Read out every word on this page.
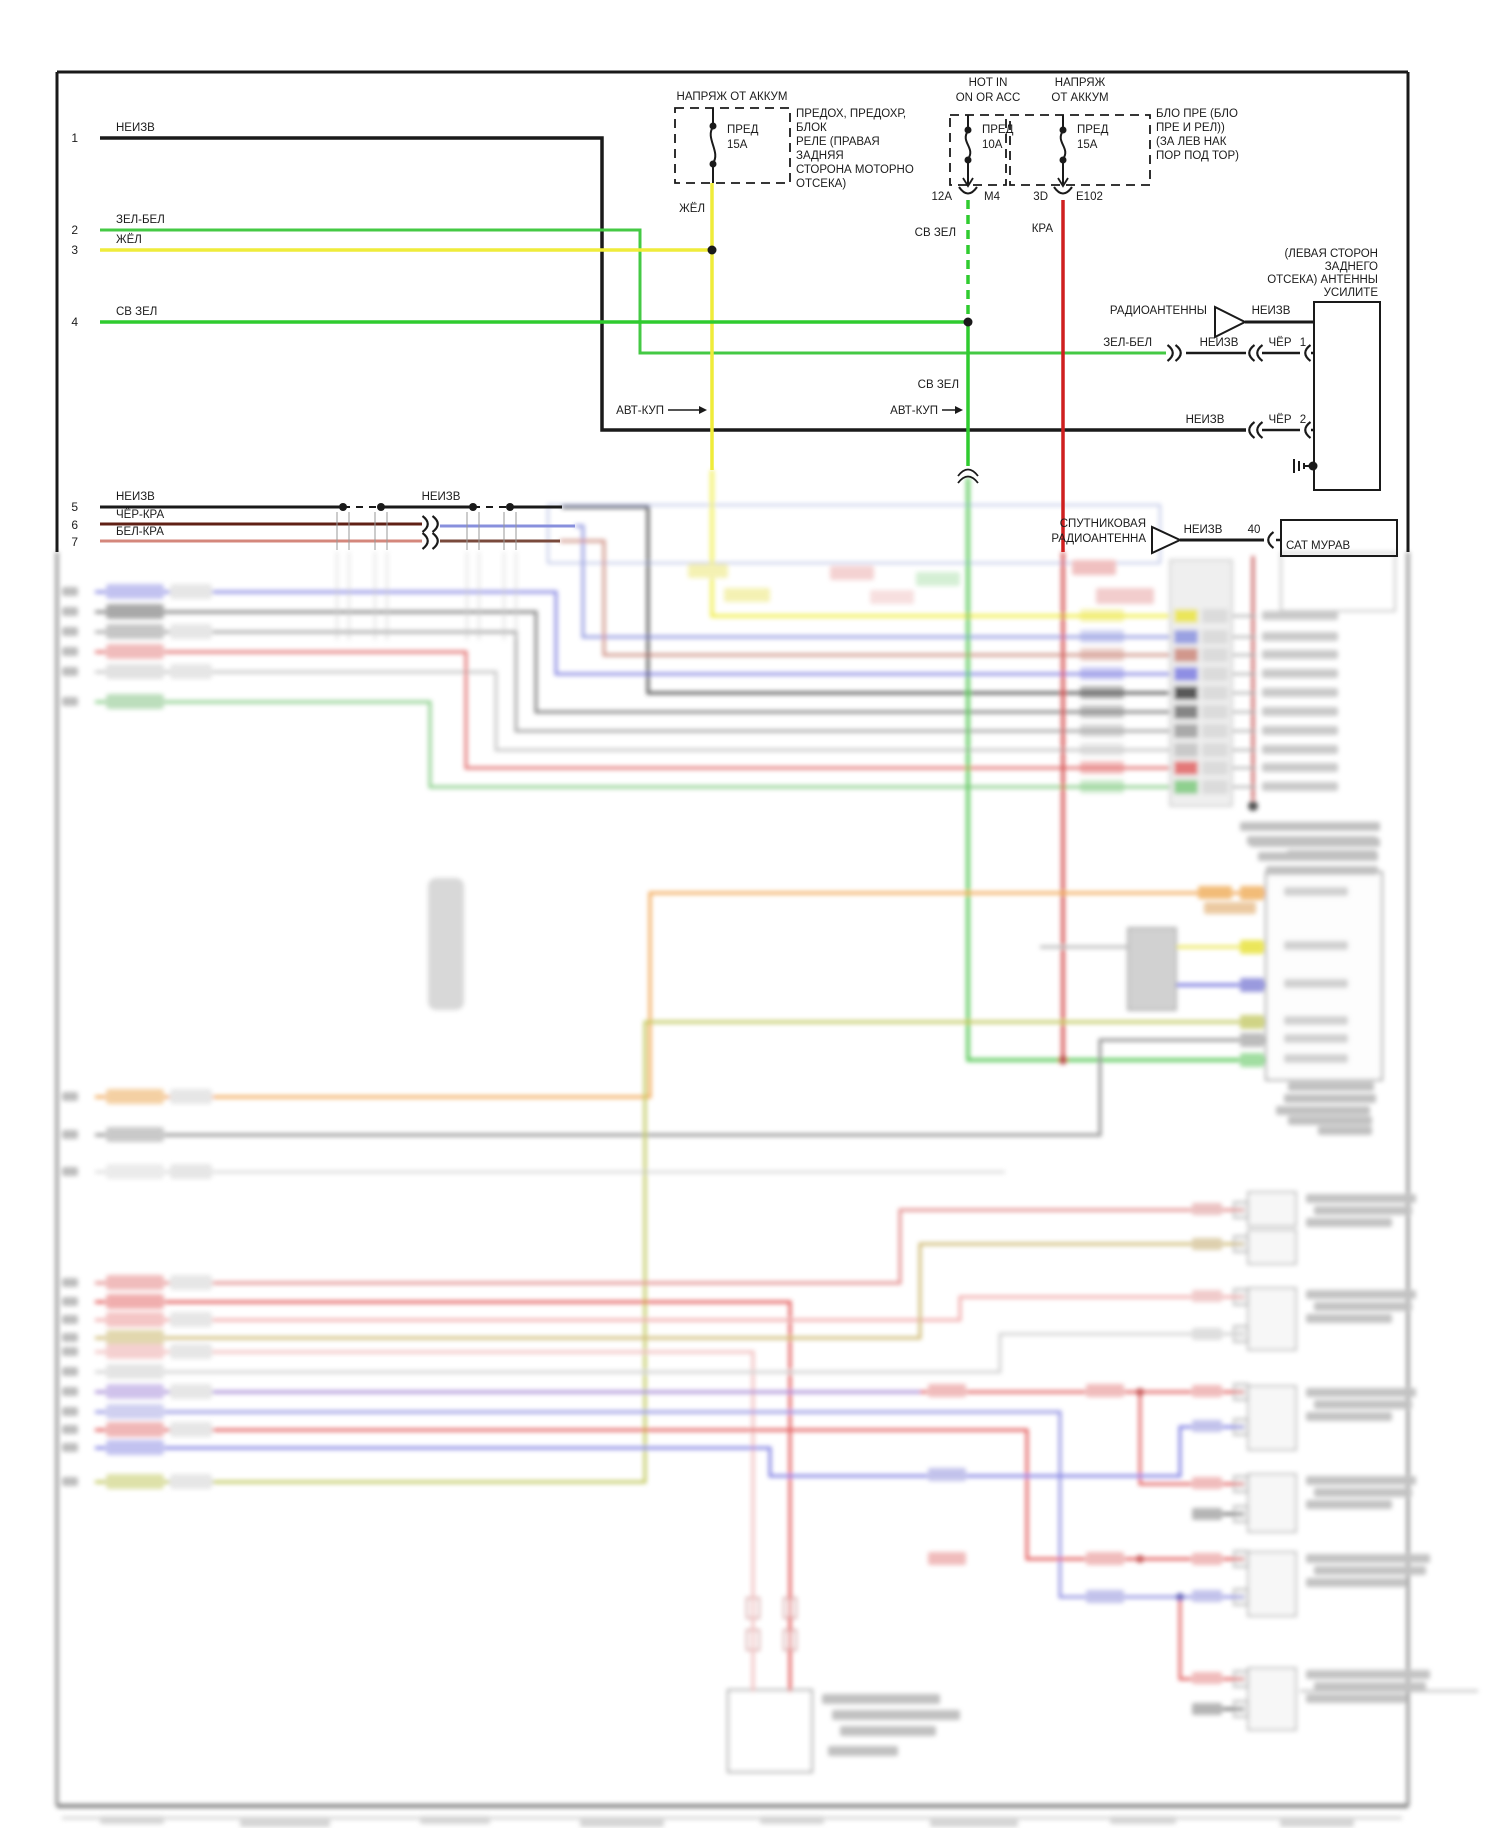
1
НЕИЗВ
2
ЗЕЛ-БЕЛ
3
ЖЁЛ
4
СВ ЗЕЛ
5
НЕИЗВ	НЕИЗВ
6
ЧЁР-КРА
7
БЕЛ-КРА
НАПРЯЖ ОТ АККУМ
ПРЕД
15А
ПРЕДОХ, ПРЕДОХР,
БЛОК
РЕЛЕ (ПРАВАЯ
ЗАДНЯЯ
СТОРОНА МОТОРНО
ОТСЕКА)
ЖЁЛ
HOT IN
ON OR ACC
ПРЕД
10А
12A	M4
СВ ЗЕЛ
НАПРЯЖ
ОТ АККУМ
ПРЕД
15А
3D E102
КРА
БЛО ПРЕ (БЛО
ПРЕ И РЕЛ))
(ЗА ЛЕВ НАК
ПОР ПОД ТОР)
(ЛЕВАЯ СТОРОН
ЗАДНЕГО
ОТСЕКА) АНТЕННЫ
УСИЛИТЕ
РАДИОАНТЕННЫ	НЕИЗВ
ЗЕЛ-БЕЛ	НЕИЗВ	ЧЁР 1
НЕИЗВ	ЧЁР 2
АВТ-КУП
СВ ЗЕЛ
АВТ-КУП
СПУТНИКОВАЯ
РАДИОАНТЕННА
НЕИЗВ 40
САТ МУРАВ
